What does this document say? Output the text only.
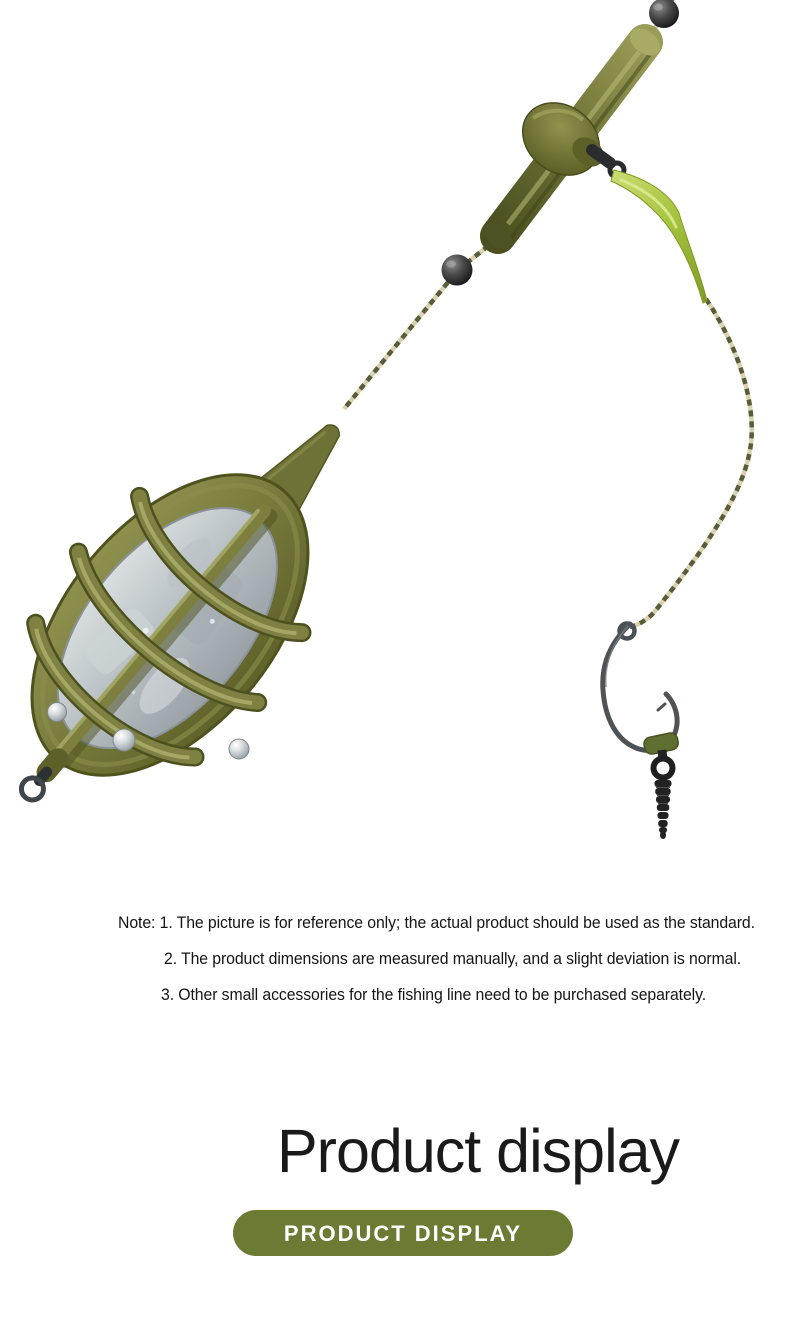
Note: 1. The picture is for reference only; the actual product should be used as the standard.
2. The product dimensions are measured manually, and a slight deviation is normal.
3. Other small accessories for the fishing line need to be purchased separately.
Product display
PRODUCT DISPLAY
